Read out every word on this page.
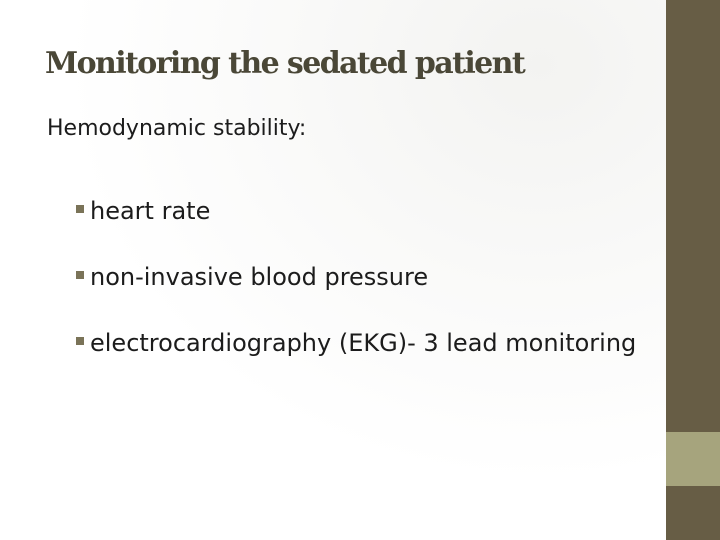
Monitoring the sedated patient
Hemodynamic stability:
heart rate
non-invasive blood pressure
electrocardiography (EKG)- 3 lead monitoring
